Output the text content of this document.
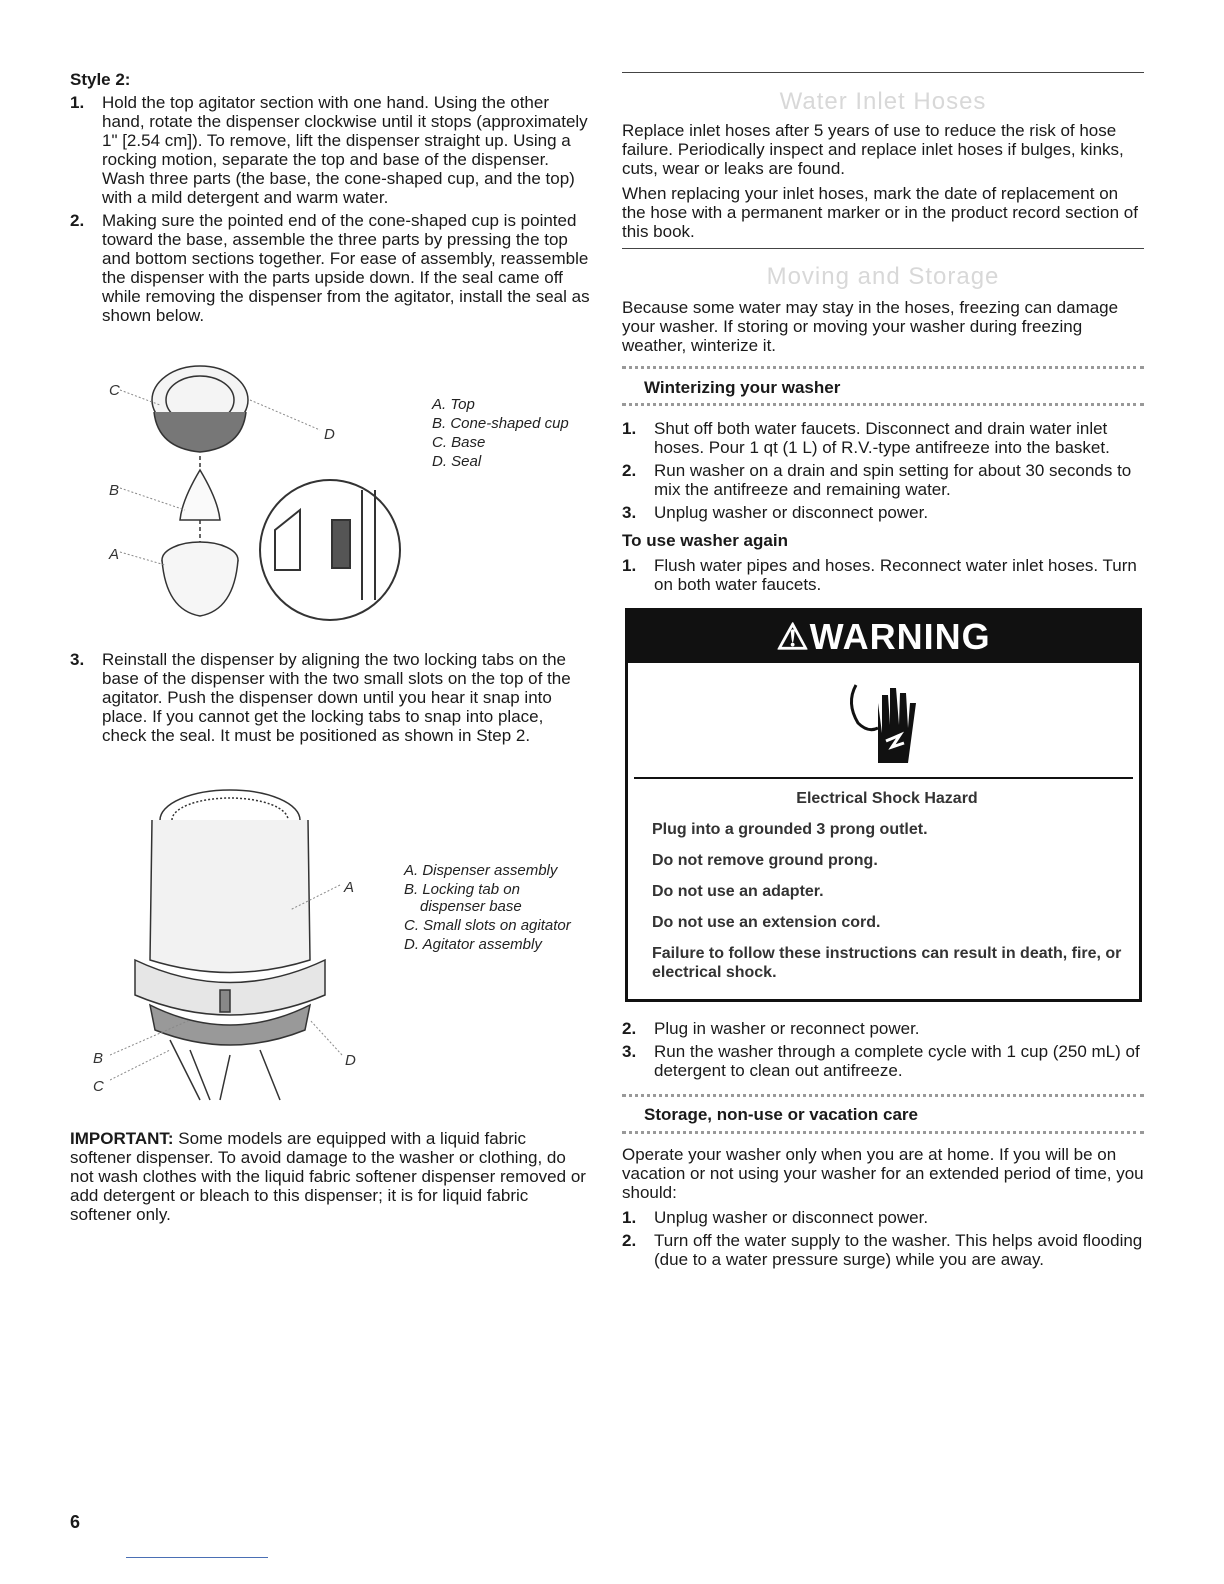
Style 2:
1. Hold the top agitator section with one hand. Using the other hand, rotate the dispenser clockwise until it stops (approximately 1" [2.54 cm]). To remove, lift the dispenser straight up. Using a rocking motion, separate the top and base of the dispenser. Wash three parts (the base, the cone-shaped cup, and the top) with a mild detergent and warm water.
2. Making sure the pointed end of the cone-shaped cup is pointed toward the base, assemble the three parts by pressing the top and bottom sections together. For ease of assembly, reassemble the dispenser with the parts upside down. If the seal came off while removing the dispenser from the agitator, install the seal as shown below.
C
B
A
D
A. Top
B. Cone-shaped cup
C. Base
D. Seal
3. Reinstall the dispenser by aligning the two locking tabs on the base of the dispenser with the two small slots on the top of the agitator. Push the dispenser down until you hear it snap into place. If you cannot get the locking tabs to snap into place, check the seal. It must be positioned as shown in Step 2.
A
B
C
D
A. Dispenser assembly
B. Locking tab on dispenser base
C. Small slots on agitator
D. Agitator assembly

IMPORTANT: Some models are equipped with a liquid fabric softener dispenser. To avoid damage to the washer or clothing, do not wash clothes with the liquid fabric softener dispenser removed or add detergent or bleach to this dispenser; it is for liquid fabric softener only.

Water Inlet Hoses

Replace inlet hoses after 5 years of use to reduce the risk of hose failure. Periodically inspect and replace inlet hoses if bulges, kinks, cuts, wear or leaks are found.

When replacing your inlet hoses, mark the date of replacement on the hose with a permanent marker or in the product record section of this book.

Moving and Storage

Because some water may stay in the hoses, freezing can damage your washer. If storing or moving your washer during freezing weather, winterize it.

Winterizing your washer
1. Shut off both water faucets. Disconnect and drain water inlet hoses. Pour 1 qt (1 L) of R.V.-type antifreeze into the basket.
2. Run washer on a drain and spin setting for about 30 seconds to mix the antifreeze and remaining water.
3. Unplug washer or disconnect power.
To use washer again
1. Flush water pipes and hoses. Reconnect water inlet hoses. Turn on both water faucets.
⚠WARNING
Electrical Shock Hazard

Plug into a grounded 3 prong outlet.

Do not remove ground prong.

Do not use an adapter.

Do not use an extension cord.

Failure to follow these instructions can result in death, fire, or electrical shock.

2. Plug in washer or reconnect power.
3. Run the washer through a complete cycle with 1 cup (250 mL) of detergent to clean out antifreeze.
Storage, non-use or vacation care

Operate your washer only when you are at home. If you will be on vacation or not using your washer for an extended period of time, you should:

1. Unplug washer or disconnect power.
2. Turn off the water supply to the washer. This helps avoid flooding (due to a water pressure surge) while you are away.
6
